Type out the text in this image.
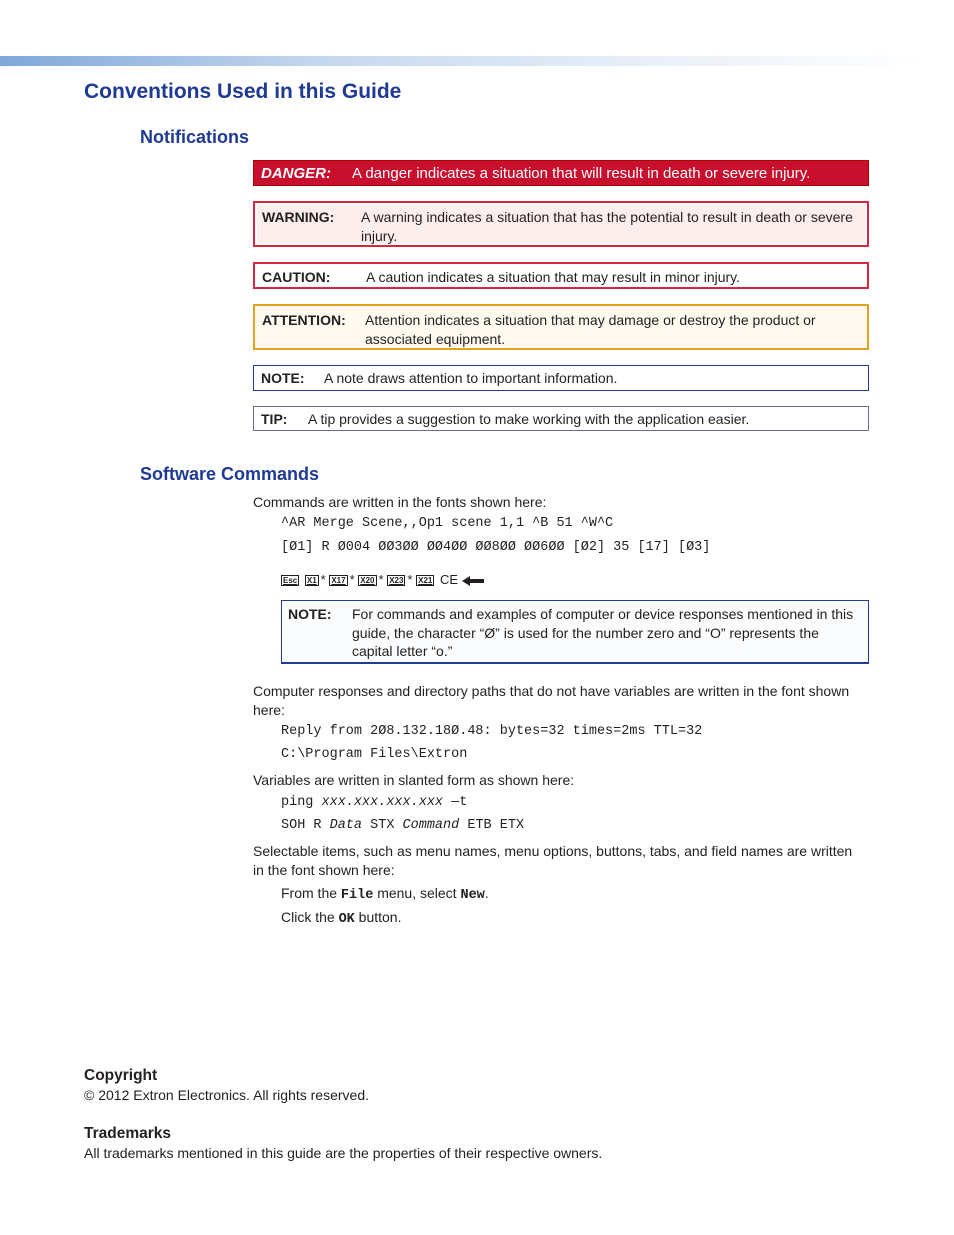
Conventions Used in this Guide
Notifications
DANGER: A danger indicates a situation that will result in death or severe injury.
WARNING: A warning indicates a situation that has the potential to result in death or severe injury.
CAUTION:	A caution indicates a situation that may result in minor injury.
ATTENTION: Attention indicates a situation that may damage or destroy the product or associated equipment.
NOTE: A note draws attention to important information.
TIP: A tip provides a suggestion to make working with the application easier.
Software Commands
Commands are written in the fonts shown here:
^AR Merge Scene,,Op1 scene 1,1 ^B 51 ^W^C
[Ø1] R Ø004 ØØ3ØØ ØØ4ØØ ØØ8ØØ ØØ6ØØ [Ø2] 35 [17] [Ø3]
Esc X1 * X17 * X20 * X23 * X21 CE
NOTE: For commands and examples of computer or device responses mentioned in this guide, the character “Ø” is used for the number zero and “O” represents the capital letter “o.”
Computer responses and directory paths that do not have variables are written in the font shown here:
Reply from 2Ø8.132.18Ø.48: bytes=32 times=2ms TTL=32
C:\Program Files\Extron
Variables are written in slanted form as shown here:
ping xxx.xxx.xxx.xxx —t
SOH R Data STX Command ETB ETX
Selectable items, such as menu names, menu options, buttons, tabs, and field names are written in the font shown here:
From the File menu, select New.
Click the OK button.
Copyright
© 2012 Extron Electronics. All rights reserved.
Trademarks
All trademarks mentioned in this guide are the properties of their respective owners.
